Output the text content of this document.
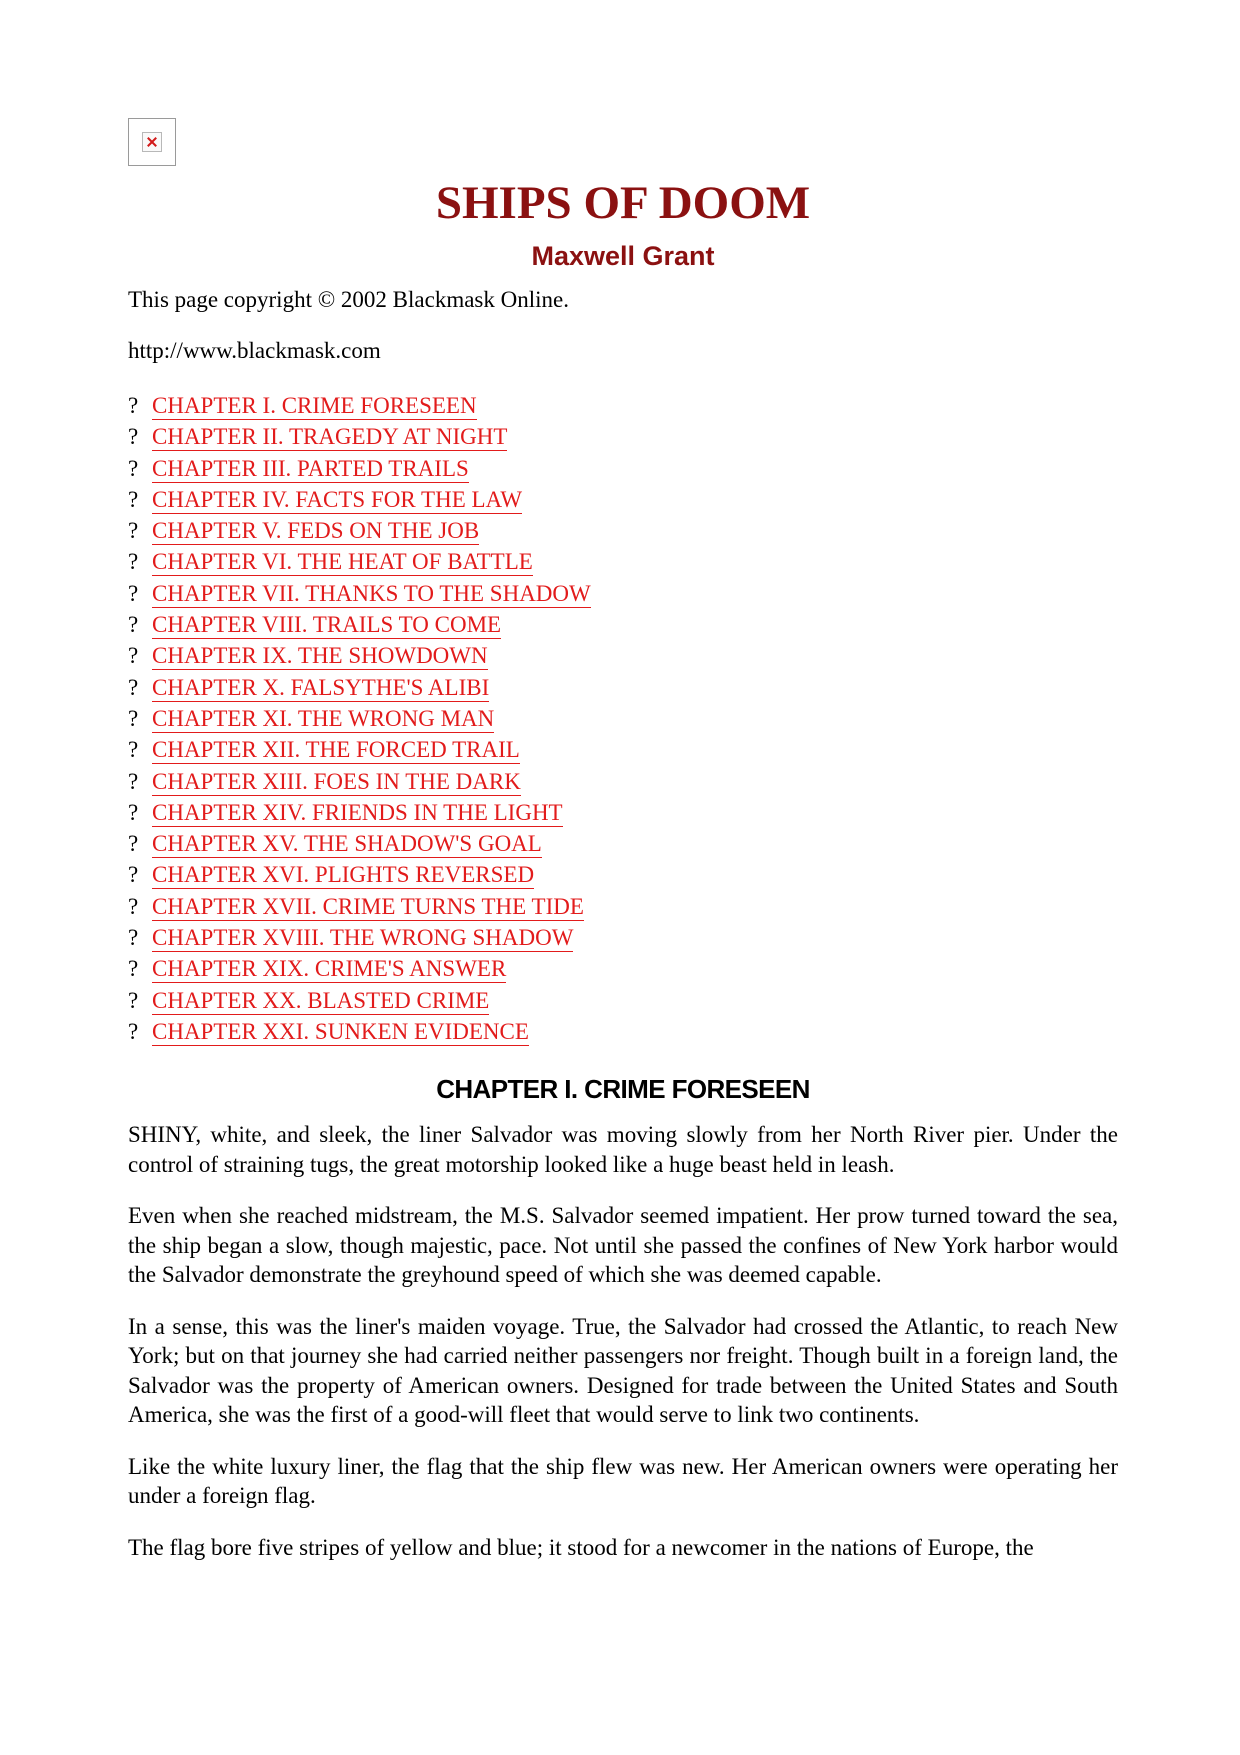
SHIPS OF DOOM
Maxwell Grant

This page copyright © 2002 Blackmask Online.

http://www.blackmask.com

? CHAPTER I. CRIME FORESEEN
? CHAPTER II. TRAGEDY AT NIGHT
? CHAPTER III. PARTED TRAILS
? CHAPTER IV. FACTS FOR THE LAW
? CHAPTER V. FEDS ON THE JOB
? CHAPTER VI. THE HEAT OF BATTLE
? CHAPTER VII. THANKS TO THE SHADOW
? CHAPTER VIII. TRAILS TO COME
? CHAPTER IX. THE SHOWDOWN
? CHAPTER X. FALSYTHE'S ALIBI
? CHAPTER XI. THE WRONG MAN
? CHAPTER XII. THE FORCED TRAIL
? CHAPTER XIII. FOES IN THE DARK
? CHAPTER XIV. FRIENDS IN THE LIGHT
? CHAPTER XV. THE SHADOW'S GOAL
? CHAPTER XVI. PLIGHTS REVERSED
? CHAPTER XVII. CRIME TURNS THE TIDE
? CHAPTER XVIII. THE WRONG SHADOW
? CHAPTER XIX. CRIME'S ANSWER
? CHAPTER XX. BLASTED CRIME
? CHAPTER XXI. SUNKEN EVIDENCE
CHAPTER I. CRIME FORESEEN

SHINY, white, and sleek, the liner Salvador was moving slowly from her North River pier. Under the control of straining tugs, the great motorship looked like a huge beast held in leash.

Even when she reached midstream, the M.S. Salvador seemed impatient. Her prow turned toward the sea, the ship began a slow, though majestic, pace. Not until she passed the confines of New York harbor would the Salvador demonstrate the greyhound speed of which she was deemed capable.

In a sense, this was the liner's maiden voyage. True, the Salvador had crossed the Atlantic, to reach New York; but on that journey she had carried neither passengers nor freight. Though built in a foreign land, the Salvador was the property of American owners. Designed for trade between the United States and South America, she was the first of a good-will fleet that would serve to link two continents.

Like the white luxury liner, the flag that the ship flew was new. Her American owners were operating her under a foreign flag.

The flag bore five stripes of yellow and blue; it stood for a newcomer in the nations of Europe, the
